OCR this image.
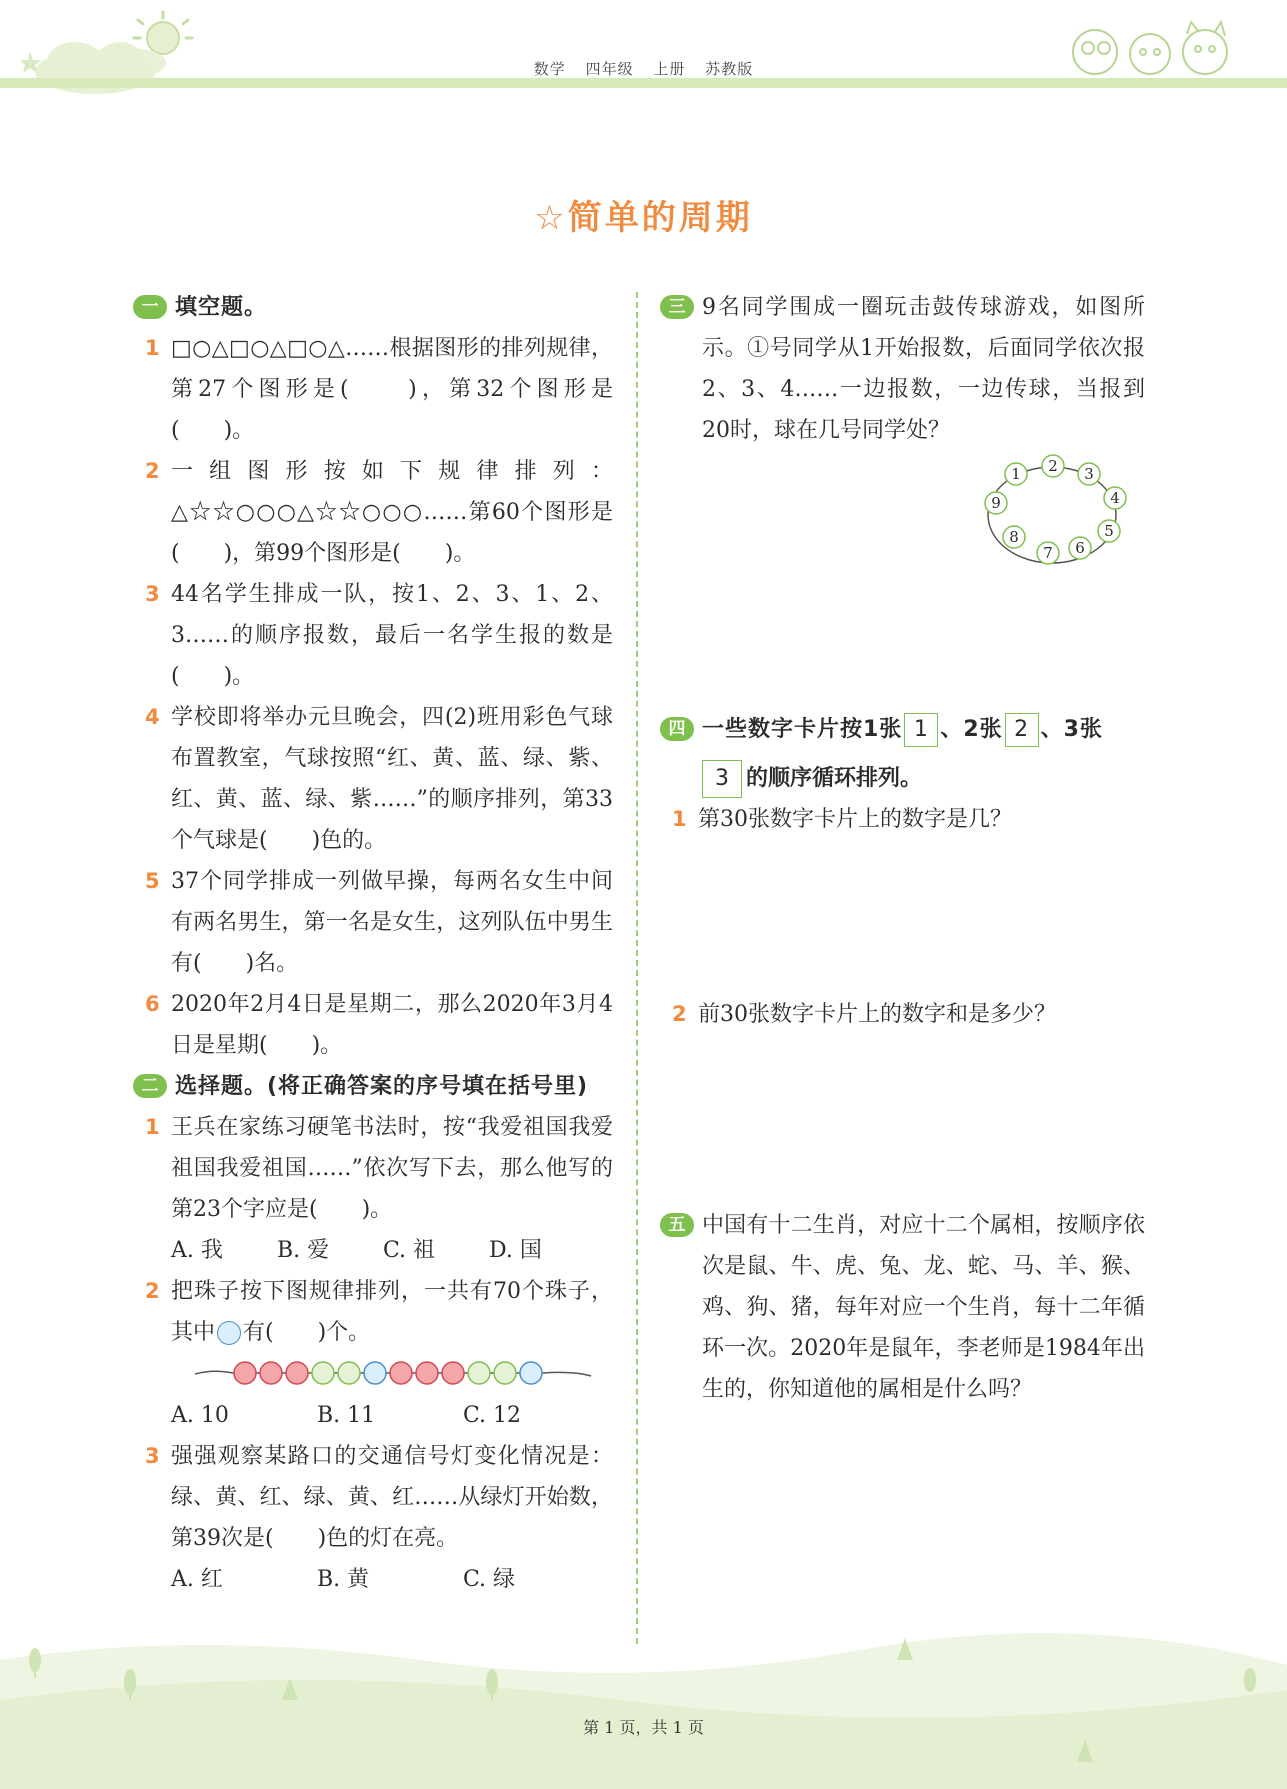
数学 四年级 上册 苏教版
☆简单的周期
一 填空题。
1 □○△□○△□○△……根据图形的排列规律，第27个图形是(　　)，第32个图形是(　　)。
2 一组图形按如下规律排列：△☆☆○○○△☆☆○○○……第60个图形是(　　)，第99个图形是(　　)。
3 44名学生排成一队，按1、2、3、1、2、3……的顺序报数，最后一名学生报的数是(　　)。
4 学校即将举办元旦晚会，四(2)班用彩色气球布置教室，气球按照“红、黄、蓝、绿、紫、红、黄、蓝、绿、紫……”的顺序排列，第33个气球是(　　)色的。
5 37个同学排成一列做早操，每两名女生中间有两名男生，第一名是女生，这列队伍中男生有(　　)名。
6 2020年2月4日是星期二，那么2020年3月4日是星期(　　)。
二 选择题。(将正确答案的序号填在括号里)
1 王兵在家练习硬笔书法时，按“我爱祖国我爱祖国我爱祖国……”依次写下去，那么他写的第23个字应是(　　)。
A. 我	B. 爱	C. 祖	D. 国
2 把珠子按下图规律排列，一共有70个珠子，其中 有(　　)个。
A. 10	B. 11	C. 12
3 强强观察某路口的交通信号灯变化情况是：绿、黄、红、绿、黄、红……从绿灯开始数，第39次是(　　)色的灯在亮。
A. 红	B. 黄	C. 绿
三 9名同学围成一圈玩击鼓传球游戏，如图所示。①号同学从1开始报数，后面同学依次报2、3、4……一边报数，一边传球，当报到20时，球在几号同学处？
1 2 3
4
5
6
7
8
9
四 一些数字卡片按1张 1 、2张 2 、3张
3 的顺序循环排列。
1 第30张数字卡片上的数字是几？
2 前30张数字卡片上的数字和是多少？
五 中国有十二生肖，对应十二个属相，按顺序依次是鼠、牛、虎、兔、龙、蛇、马、羊、猴、鸡、狗、猪，每年对应一个生肖，每十二年循环一次。2020年是鼠年，李老师是1984年出生的，你知道他的属相是什么吗？
第 1 页，共 1 页
